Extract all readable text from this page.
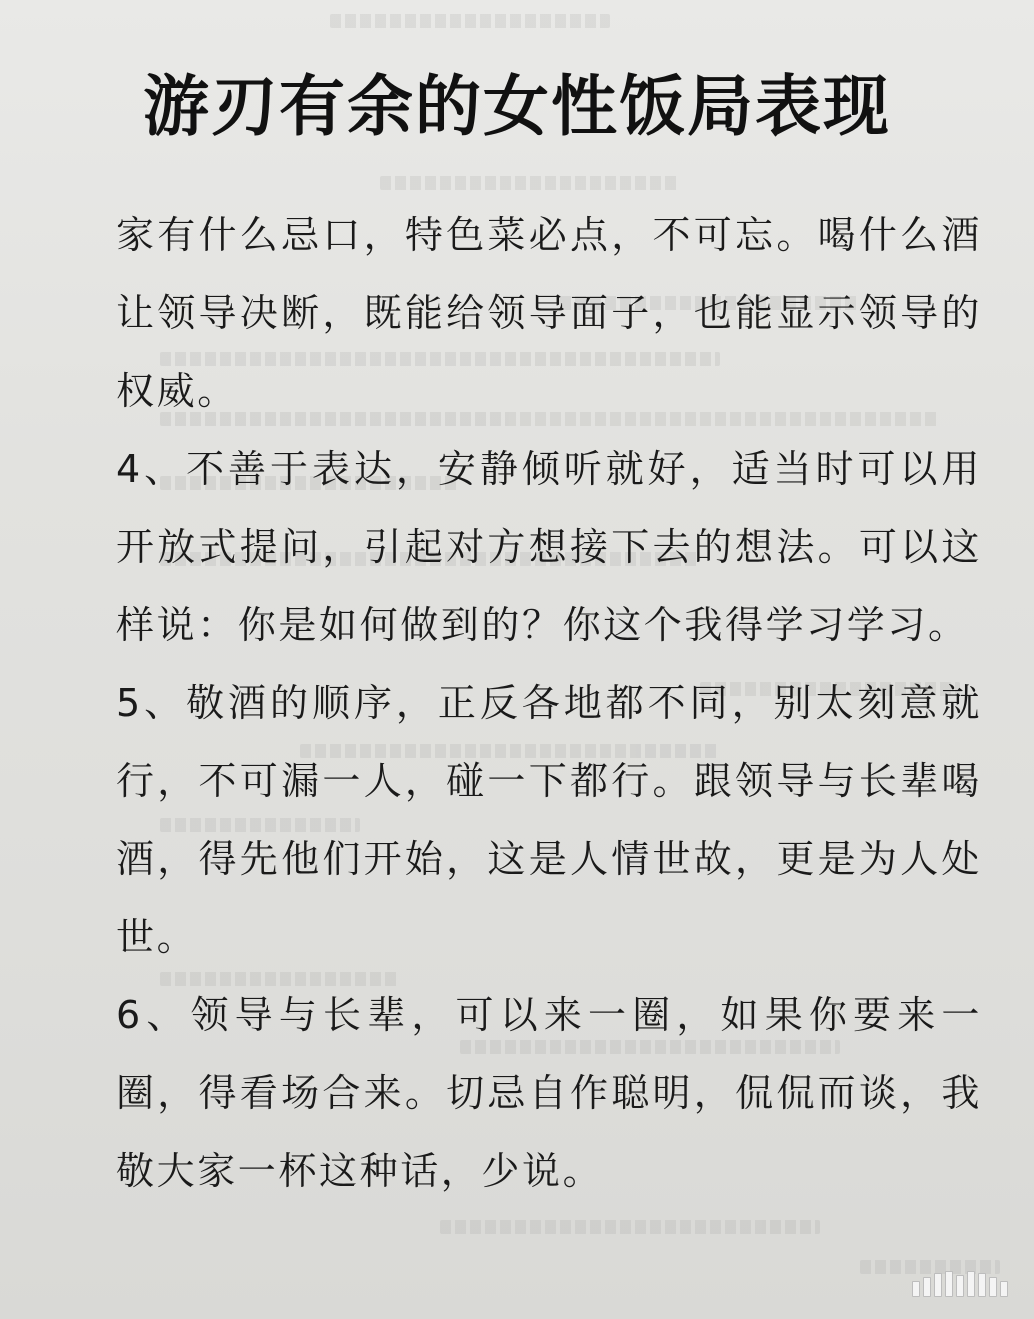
游刃有余的女性饭局表现
家有什么忌口，特色菜必点，不可忘。喝什么酒让领导决断，既能给领导面子，也能显示领导的权威。
4、不善于表达，安静倾听就好，适当时可以用开放式提问，引起对方想接下去的想法。可以这样说：你是如何做到的？你这个我得学习学习。
5、敬酒的顺序，正反各地都不同，别太刻意就行，不可漏一人，碰一下都行。跟领导与长辈喝酒，得先他们开始，这是人情世故，更是为人处世。
6、领导与长辈，可以来一圈，如果你要来一圈，得看场合来。切忌自作聪明，侃侃而谈，我敬大家一杯这种话，少说。
